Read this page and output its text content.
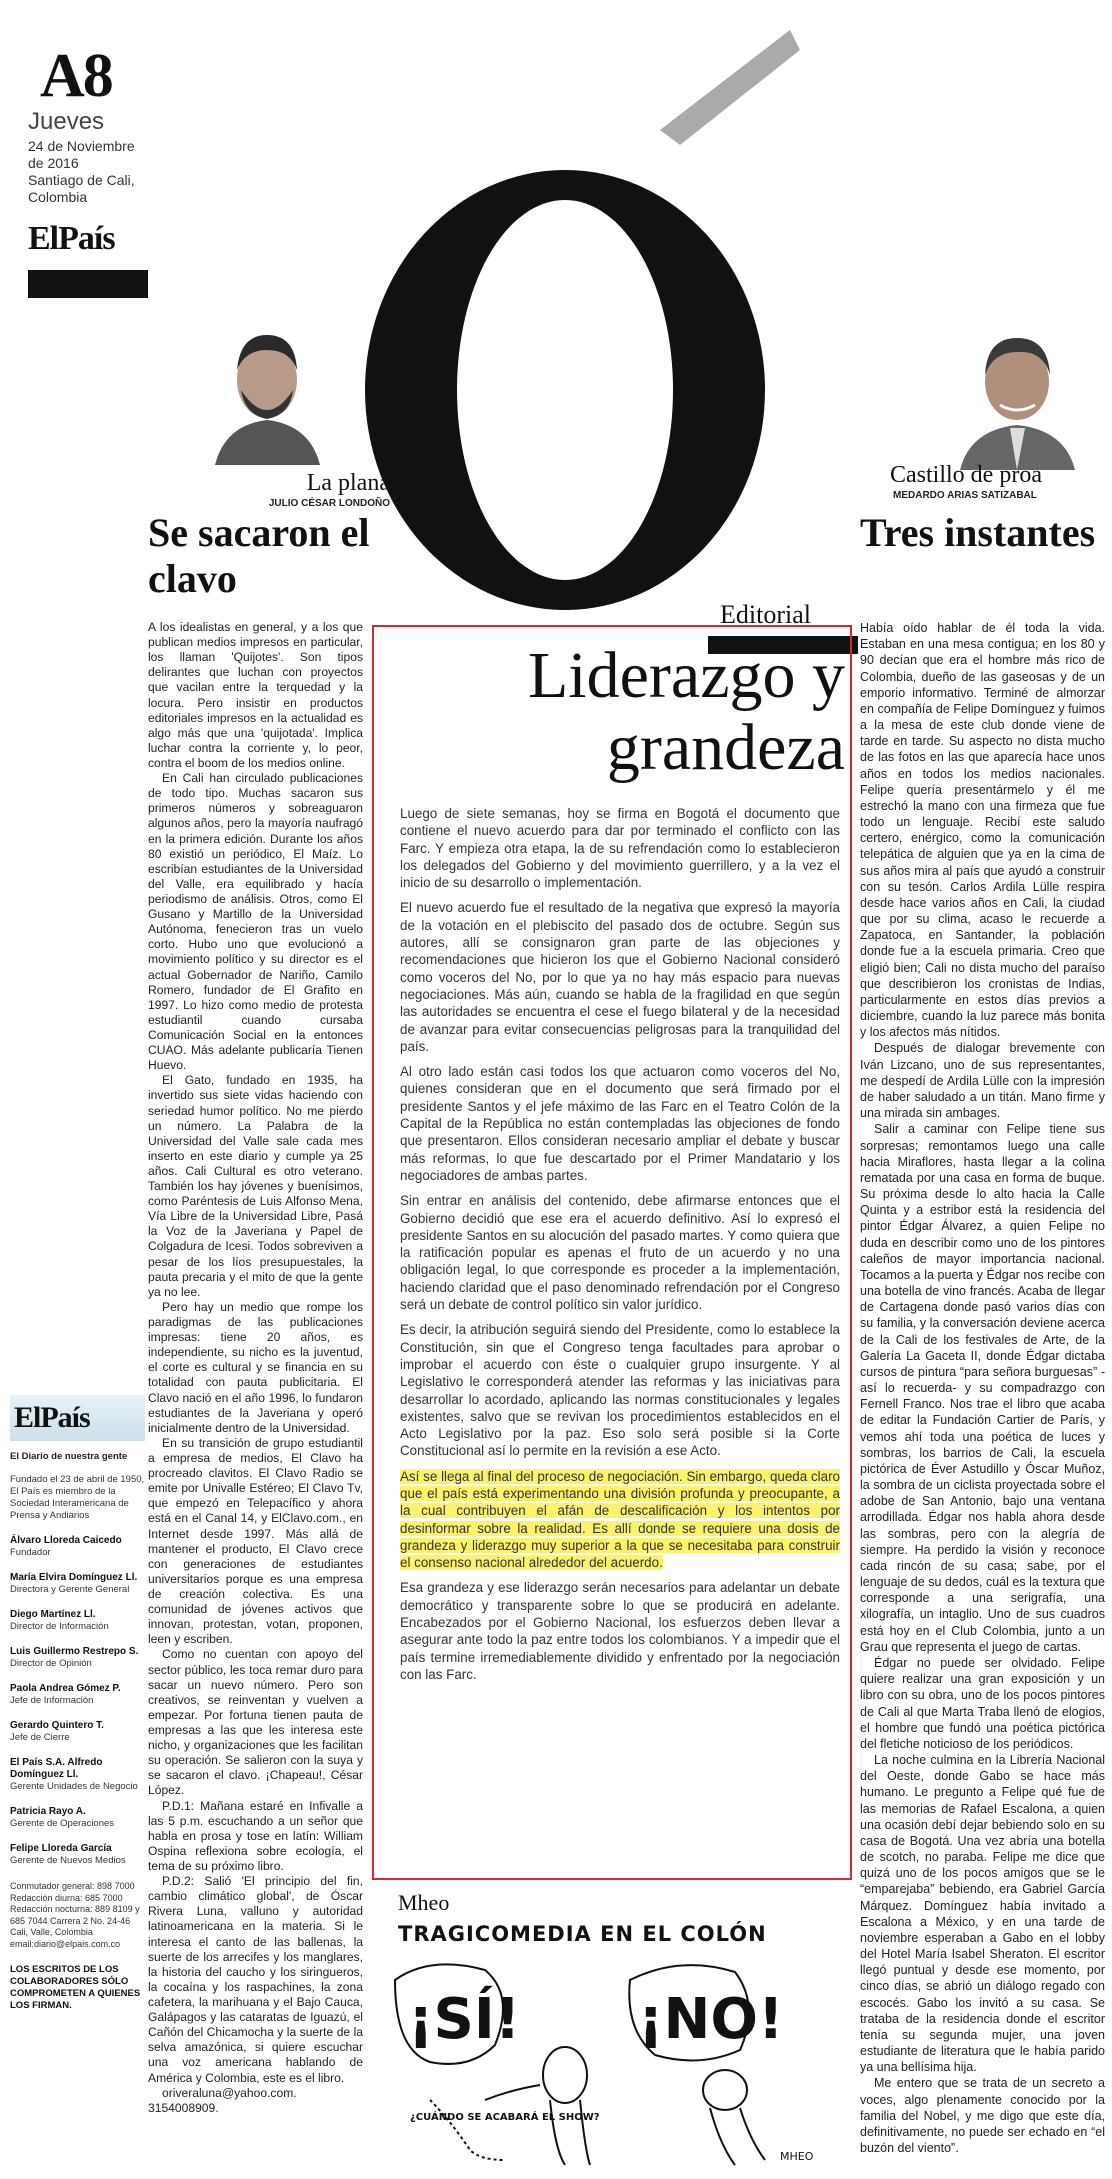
A8
Jueves
24 de Noviembre
de 2016
Santiago de Cali,
Colombia
ElPaís
O
La plana
JULIO CÉSAR LONDOÑO
Castillo de proa
MEDARDO ARIAS SATIZABAL
Se sacaron el clavo
Tres instantes
Editorial
ElPaís
El Diario de nuestra gente
Fundado el 23 de abril de 1950, El País es miembro de la Sociedad Interamericana de Prensa y Andiarios
Álvaro Lloreda Caicedo
Fundador
María Elvira Domínguez Ll.
Directora y Gerente General
Diego Martínez Ll.
Director de Información
Luis Guillermo Restrepo S.
Director de Opinión
Paola Andrea Gómez P.
Jefe de Información
Gerardo Quintero T.
Jefe de Cierre
El País S.A. Alfredo Domínguez Ll.
Gerente Unidades de Negocio
Patricia Rayo A.
Gerente de Operaciones
Felipe Lloreda García
Gerente de Nuevos Medios
Conmutador general: 898 7000 Redacción diurna: 685 7000 Redacción nocturna: 889 8109 y 685 7044 Carrera 2 No. 24-46 Cali, Valle, Colombia email:diario@elpais.com.co
LOS ESCRITOS DE LOS COLABORADORES SÓLO COMPROMETEN A QUIENES LOS FIRMAN.

A los idealistas en general, y a los que publican medios impresos en particular, los llaman 'Quijotes'. Son tipos delirantes que luchan con proyectos que vacilan entre la terquedad y la locura. Pero insistir en productos editoriales impresos en la actualidad es algo más que una 'quijotada'. Implica luchar contra la corriente y, lo peor, contra el boom de los medios online.

En Cali han circulado publicaciones de todo tipo. Muchas sacaron sus primeros números y sobreaguaron algunos años, pero la mayoría naufragó en la primera edición. Durante los años 80 existió un periódico, El Maíz. Lo escribían estudiantes de la Universidad del Valle, era equilibrado y hacía periodismo de análisis. Otros, como El Gusano y Martillo de la Universidad Autónoma, fenecieron tras un vuelo corto. Hubo uno que evolucionó a movimiento político y su director es el actual Gobernador de Nariño, Camilo Romero, fundador de El Grafito en 1997. Lo hizo como medio de protesta estudiantil cuando cursaba Comunicación Social en la entonces CUAO. Más adelante publicaría Tienen Huevo.

El Gato, fundado en 1935, ha invertido sus siete vidas haciendo con seriedad humor político. No me pierdo un número. La Palabra de la Universidad del Valle sale cada mes inserto en este diario y cumple ya 25 años. Cali Cultural es otro veterano. También los hay jóvenes y buenísimos, como Paréntesis de Luis Alfonso Mena, Vía Libre de la Universidad Libre, Pasá la Voz de la Javeriana y Papel de Colgadura de Icesi. Todos sobreviven a pesar de los líos presupuestales, la pauta precaria y el mito de que la gente ya no lee.

Pero hay un medio que rompe los paradigmas de las publicaciones impresas: tiene 20 años, es independiente, su nicho es la juventud, el corte es cultural y se financia en su totalidad con pauta publicitaria. El Clavo nació en el año 1996, lo fundaron estudiantes de la Javeriana y operó inicialmente dentro de la Universidad.

En su transición de grupo estudiantil a empresa de medios, El Clavo ha procreado clavitos. El Clavo Radio se emite por Univalle Estéreo; El Clavo Tv, que empezó en Telepacífico y ahora está en el Canal 14, y ElClavo.com., en Internet desde 1997. Más allá de mantener el producto, El Clavo crece con generaciones de estudiantes universitarios porque es una empresa de creación colectiva. Es una comunidad de jóvenes activos que innovan, protestan, votan, proponen, leen y escriben.

Como no cuentan con apoyo del sector público, les toca remar duro para sacar un nuevo número. Pero son creativos, se reinventan y vuelven a empezar. Por fortuna tienen pauta de empresas a las que les interesa este nicho, y organizaciones que les facilitan su operación. Se salieron con la suya y se sacaron el clavo. ¡Chapeau!, César López.

P.D.1: Mañana estaré en Infivalle a las 5 p.m. escuchando a un señor que habla en prosa y tose en latín: William Ospina reflexiona sobre ecología, el tema de su próximo libro.

P.D.2: Salió 'El principio del fin, cambio climático global', de Óscar Rivera Luna, valluno y autoridad latinoamericana en la materia. Si le interesa el canto de las ballenas, la suerte de los arrecifes y los manglares, la historia del caucho y los siringueros, la cocaína y los raspachines, la zona cafetera, la marihuana y el Bajo Cauca, Galápagos y las cataratas de Iguazú, el Cañón del Chicamocha y la suerte de la selva amazónica, si quiere escuchar una voz americana hablando de América y Colombia, este es el libro.

oriveraluna@yahoo.com.

3154008909.

Liderazgo y grandeza

Luego de siete semanas, hoy se firma en Bogotá el documento que contiene el nuevo acuerdo para dar por terminado el conflicto con las Farc. Y empieza otra etapa, la de su refrendación como lo establecieron los delegados del Gobierno y del movimiento guerrillero, y a la vez el inicio de su desarrollo o implementación.

El nuevo acuerdo fue el resultado de la negativa que expresó la mayoría de la votación en el plebiscito del pasado dos de octubre. Según sus autores, allí se consignaron gran parte de las objeciones y recomendaciones que hicieron los que el Gobierno Nacional consideró como voceros del No, por lo que ya no hay más espacio para nuevas negociaciones. Más aún, cuando se habla de la fragilidad en que según las autoridades se encuentra el cese el fuego bilateral y de la necesidad de avanzar para evitar consecuencias peligrosas para la tranquilidad del país.

Al otro lado están casi todos los que actuaron como voceros del No, quienes consideran que en el documento que será firmado por el presidente Santos y el jefe máximo de las Farc en el Teatro Colón de la Capital de la República no están contempladas las objeciones de fondo que presentaron. Ellos consideran necesario ampliar el debate y buscar más reformas, lo que fue descartado por el Primer Mandatario y los negociadores de ambas partes.

Sin entrar en análisis del contenido, debe afirmarse entonces que el Gobierno decidió que ese era el acuerdo definitivo. Así lo expresó el presidente Santos en su alocución del pasado martes. Y como quiera que la ratificación popular es apenas el fruto de un acuerdo y no una obligación legal, lo que corresponde es proceder a la implementación, haciendo claridad que el paso denominado refrendación por el Congreso será un debate de control político sin valor jurídico.

Es decir, la atribución seguirá siendo del Presidente, como lo establece la Constitución, sin que el Congreso tenga facultades para aprobar o improbar el acuerdo con éste o cualquier grupo insurgente. Y al Legislativo le corresponderá atender las reformas y las iniciativas para desarrollar lo acordado, aplicando las normas constitucionales y legales existentes, salvo que se revivan los procedimientos establecidos en el Acto Legislativo por la paz. Eso solo será posible si la Corte Constitucional así lo permite en la revisión a ese Acto.

Así se llega al final del proceso de negociación. Sin embargo, queda claro que el país está experimentando una división profunda y preocupante, a la cual contribuyen el afán de descalificación y los intentos por desinformar sobre la realidad. Es allí donde se requiere una dosis de grandeza y liderazgo muy superior a la que se necesitaba para construir el consenso nacional alrededor del acuerdo.

Esa grandeza y ese liderazgo serán necesarios para adelantar un debate democrático y transparente sobre lo que se producirá en adelante. Encabezados por el Gobierno Nacional, los esfuerzos deben llevar a asegurar ante todo la paz entre todos los colombianos. Y a impedir que el país termine irremediablemente dividido y enfrentado por la negociación con las Farc.

Mheo
TRAGICOMEDIA EN EL COLÓN
¡SÍ! ¡NO!
¿CUÁNDO SE ACABARÁ EL SHOW?
MHEO

Había oído hablar de él toda la vida. Estaban en una mesa contigua; en los 80 y 90 decían que era el hombre más rico de Colombia, dueño de las gaseosas y de un emporio informativo. Terminé de almorzar en compañía de Felipe Domínguez y fuimos a la mesa de este club donde viene de tarde en tarde. Su aspecto no dista mucho de las fotos en las que aparecía hace unos años en todos los medios nacionales. Felipe quería presentármelo y él me estrechó la mano con una firmeza que fue todo un lenguaje. Recibí este saludo certero, enérgico, como la comunicación telepática de alguien que ya en la cima de sus años mira al país que ayudó a construir con su tesón. Carlos Ardila Lülle respira desde hace varios años en Cali, la ciudad que por su clima, acaso le recuerde a Zapatoca, en Santander, la población donde fue a la escuela primaria. Creo que eligió bien; Cali no dista mucho del paraíso que describieron los cronistas de Indias, particularmente en estos días previos a diciembre, cuando la luz parece más bonita y los afectos más nítidos.

Después de dialogar brevemente con Iván Lizcano, uno de sus representantes, me despedí de Ardila Lülle con la impresión de haber saludado a un titán. Mano firme y una mirada sin ambages.

Salir a caminar con Felipe tiene sus sorpresas; remontamos luego una calle hacia Miraflores, hasta llegar a la colina rematada por una casa en forma de buque. Su próxima desde lo alto hacia la Calle Quinta y a estribor está la residencia del pintor Édgar Álvarez, a quien Felipe no duda en describir como uno de los pintores caleños de mayor importancia nacional. Tocamos a la puerta y Édgar nos recibe con una botella de vino francés. Acaba de llegar de Cartagena donde pasó varios días con su familia, y la conversación deviene acerca de la Cali de los festivales de Arte, de la Galería La Gaceta II, donde Édgar dictaba cursos de pintura “para señora burguesas” -así lo recuerda- y su compadrazgo con Fernell Franco. Nos trae el libro que acaba de editar la Fundación Cartier de París, y vemos ahí toda una poética de luces y sombras, los barrios de Cali, la escuela pictórica de Éver Astudillo y Óscar Muñoz, la sombra de un ciclista proyectada sobre el adobe de San Antonio, bajo una ventana arrodillada. Édgar nos habla ahora desde las sombras, pero con la alegría de siempre. Ha perdido la visión y reconoce cada rincón de su casa; sabe, por el lenguaje de su dedos, cuál es la textura que corresponde a una serigrafía, una xilografía, un intaglio. Uno de sus cuadros está hoy en el Club Colombia, junto a un Grau que representa el juego de cartas.

Édgar no puede ser olvidado. Felipe quiere realizar una gran exposición y un libro con su obra, uno de los pocos pintores de Cali al que Marta Traba llenó de elogios, el hombre que fundó una poética pictórica del fletiche noticioso de los periódicos.

La noche culmina en la Librería Nacional del Oeste, donde Gabo se hace más humano. Le pregunto a Felipe qué fue de las memorias de Rafael Escalona, a quien una ocasión debí dejar bebiendo solo en su casa de Bogotá. Una vez abría una botella de scotch, no paraba. Felipe me dice que quizá uno de los pocos amigos que se le “emparejaba” bebiendo, era Gabriel García Márquez. Domínguez había invitado a Escalona a México, y en una tarde de noviembre esperaban a Gabo en el lobby del Hotel María Isabel Sheraton. El escritor llegó puntual y desde ese momento, por cinco días, se abrió un diálogo regado con escocés. Gabo los invitó a su casa. Se trataba de la residencia donde el escritor tenía su segunda mujer, una joven estudiante de literatura que le había parido ya una bellísima hija.

Me entero que se trata de un secreto a voces, algo plenamente conocido por la familia del Nobel, y me digo que este día, definitivamente, no puede ser echado en “el buzón del viento”.
